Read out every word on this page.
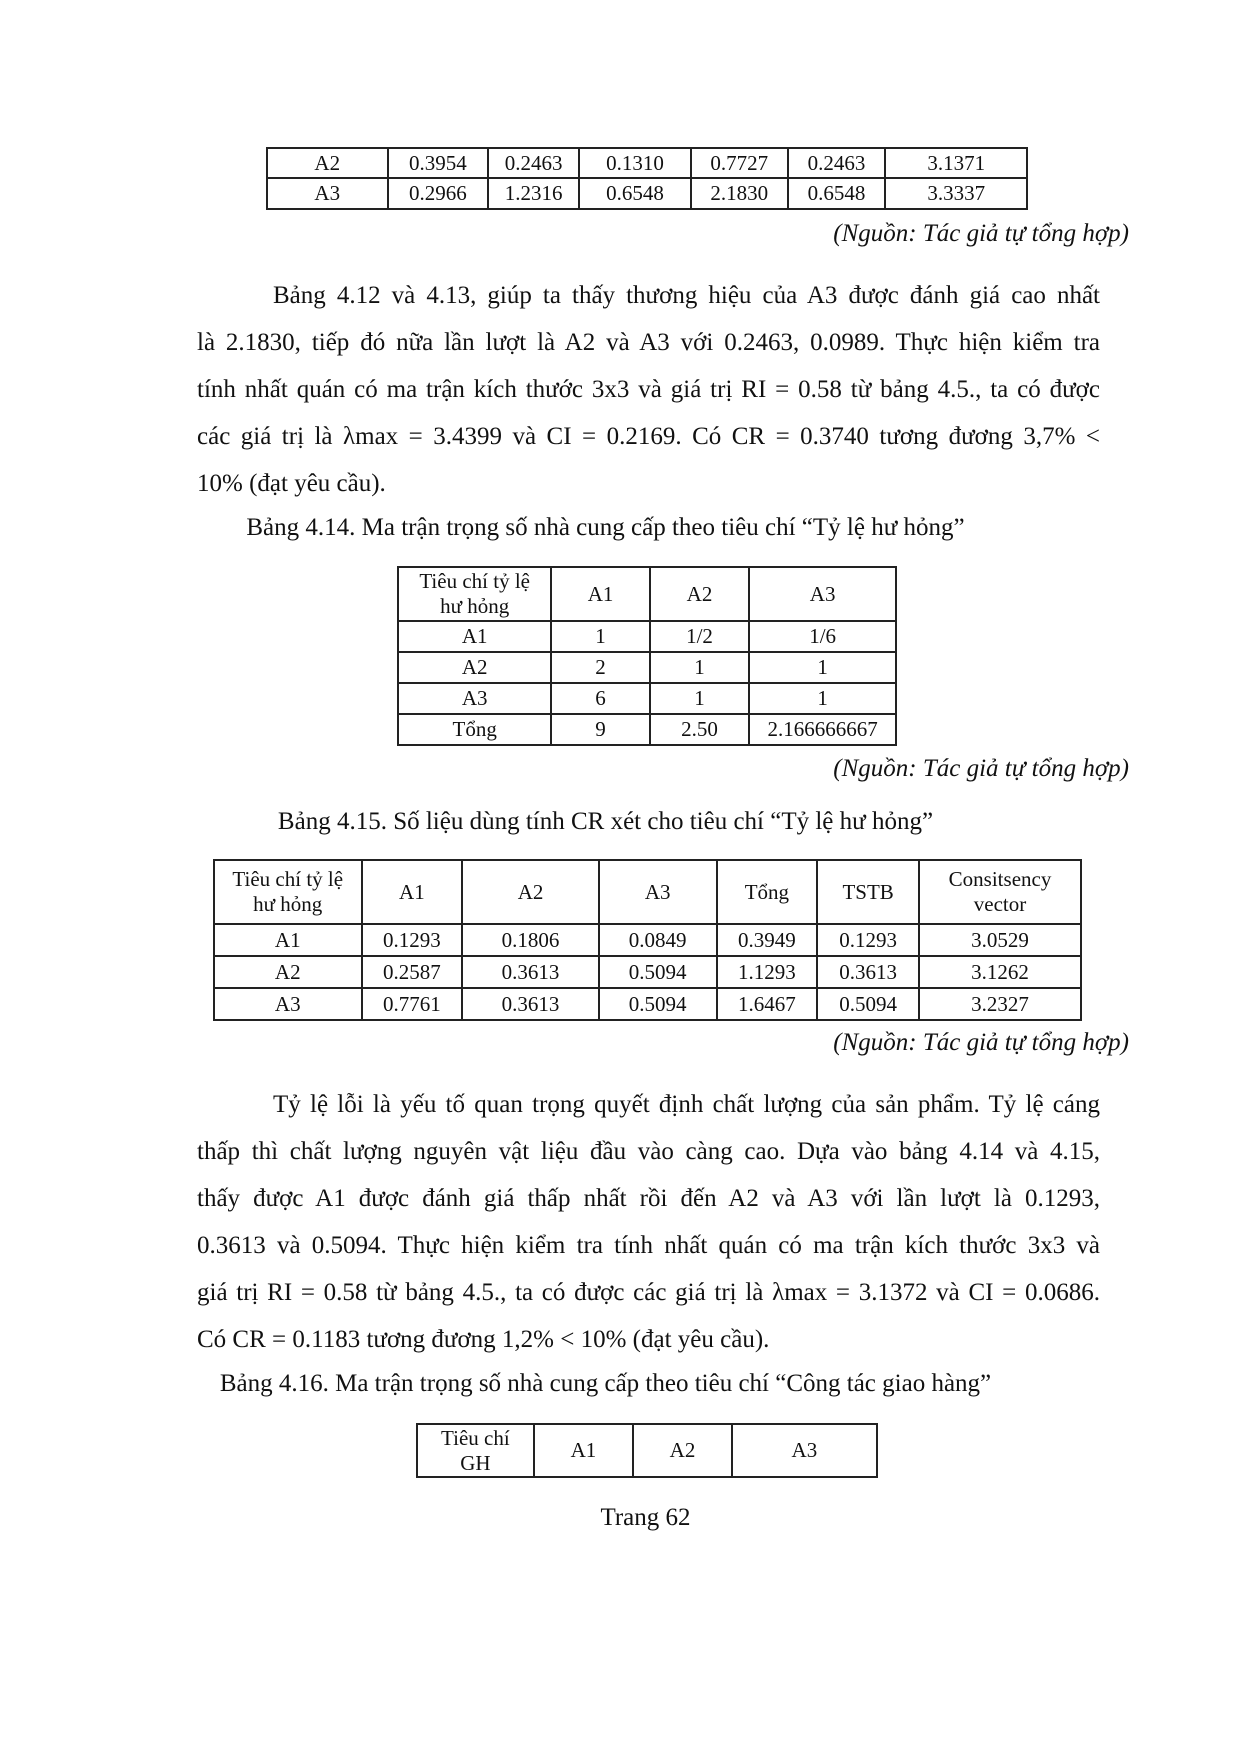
A2	0.3954	0.2463	0.1310	0.7727	0.2463	3.1371
A3	0.2966	1.2316	0.6548	2.1830	0.6548	3.3337
(Nguồn: Tác giả tự tổng hợp)
Bảng 4.12 và 4.13, giúp ta thấy thương hiệu của A3 được đánh giá cao nhất
là 2.1830, tiếp đó nữa lần lượt là A2 và A3 với 0.2463, 0.0989. Thực hiện kiểm tra
tính nhất quán có ma trận kích thước 3x3 và giá trị RI = 0.58 từ bảng 4.5., ta có được
các giá trị là λmax = 3.4399 và CI = 0.2169. Có CR = 0.3740 tương đương 3,7% <
10% (đạt yêu cầu).
Bảng 4.14. Ma trận trọng số nhà cung cấp theo tiêu chí “Tỷ lệ hư hỏng”
Tiêu chí tỷ lệ hư hỏng	A1	A2	A3
A1	1	1/2	1/6
A2	2	1	1
A3	6	1	1
Tổng	9	2.50	2.166666667
(Nguồn: Tác giả tự tổng hợp)
Bảng 4.15. Số liệu dùng tính CR xét cho tiêu chí “Tỷ lệ hư hỏng”
Tiêu chí tỷ lệ hư hỏng	A1	A2	A3	Tổng	TSTB	Consitsency vector
A1	0.1293	0.1806	0.0849	0.3949	0.1293	3.0529
A2	0.2587	0.3613	0.5094	1.1293	0.3613	3.1262
A3	0.7761	0.3613	0.5094	1.6467	0.5094	3.2327
(Nguồn: Tác giả tự tổng hợp)
Tỷ lệ lỗi là yếu tố quan trọng quyết định chất lượng của sản phẩm. Tỷ lệ cáng
thấp thì chất lượng nguyên vật liệu đầu vào càng cao. Dựa vào bảng 4.14 và 4.15,
thấy được A1 được đánh giá thấp nhất rồi đến A2 và A3 với lần lượt là 0.1293,
0.3613 và 0.5094. Thực hiện kiểm tra tính nhất quán có ma trận kích thước 3x3 và
giá trị RI = 0.58 từ bảng 4.5., ta có được các giá trị là λmax = 3.1372 và CI = 0.0686.
Có CR = 0.1183 tương đương 1,2% < 10% (đạt yêu cầu).
Bảng 4.16. Ma trận trọng số nhà cung cấp theo tiêu chí “Công tác giao hàng”
Tiêu chí GH	A1	A2	A3
Trang 62
